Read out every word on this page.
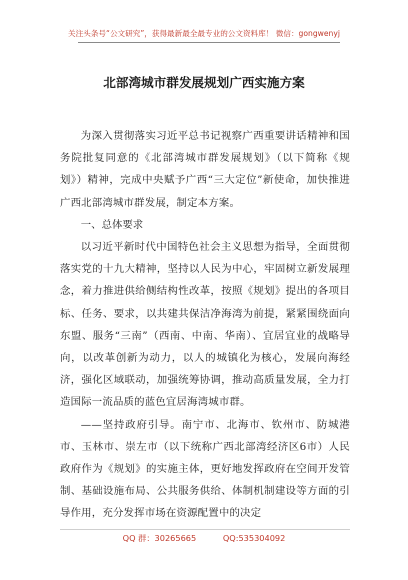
关注头条号“公文研究”，获得最新最全最专业的公文资料库！ 微信：gongwenyj
北部湾城市群发展规划广西实施方案

为深入贯彻落实习近平总书记视察广西重要讲话精神和国务院批复同意的《北部湾城市群发展规划》（以下简称《规划》）精神，完成中央赋予广西“三大定位”新使命，加快推进广西北部湾城市群发展，制定本方案。

一、总体要求

以习近平新时代中国特色社会主义思想为指导，全面贯彻落实党的十九大精神，坚持以人民为中心，牢固树立新发展理念，着力推进供给侧结构性改革，按照《规划》提出的各项目标、任务、要求，以共建共保洁净海湾为前提，紧紧围绕面向东盟、服务“三南”（西南、中南、华南）、宜居宜业的战略导向，以改革创新为动力，以人的城镇化为核心，发展向海经济，强化区域联动，加强统筹协调，推动高质量发展，全力打造国际一流品质的蓝色宜居海湾城市群。

——坚持政府引导。南宁市、北海市、钦州市、防城港市、玉林市、崇左市（以下统称广西北部湾经济区6市）人民政府作为《规划》的实施主体，更好地发挥政府在空间开发管制、基础设施布局、公共服务供给、体制机制建设等方面的引导作用，充分发挥市场在资源配置中的决定

QQ 群：30265665	QQ:535304092
